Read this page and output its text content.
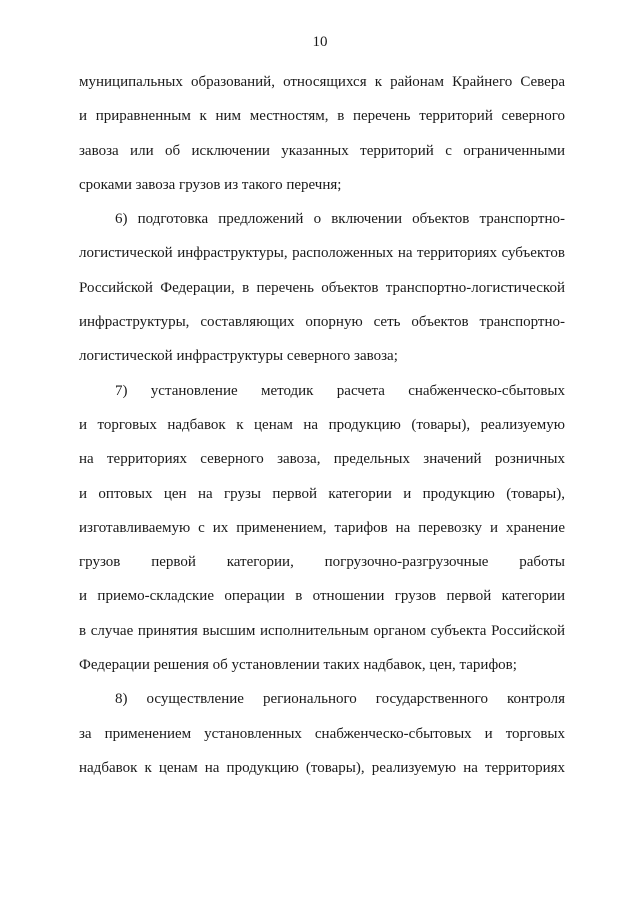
10
муниципальных образований, относящихся к районам Крайнего Севера
и приравненным к ним местностям, в перечень территорий северного
завоза или об исключении указанных территорий с ограниченными
сроками завоза грузов из такого перечня;
6) подготовка предложений о включении объектов транспортно-
логистической инфраструктуры, расположенных на территориях субъектов
Российской Федерации, в перечень объектов транспортно-логистической
инфраструктуры, составляющих опорную сеть объектов транспортно-
логистической инфраструктуры северного завоза;
7) установление методик расчета снабженческо-сбытовых
и торговых надбавок к ценам на продукцию (товары), реализуемую
на территориях северного завоза, предельных значений розничных
и оптовых цен на грузы первой категории и продукцию (товары),
изготавливаемую с их применением, тарифов на перевозку и хранение
грузов первой категории, погрузочно-разгрузочные работы
и приемо-складские операции в отношении грузов первой категории
в случае принятия высшим исполнительным органом субъекта Российской
Федерации решения об установлении таких надбавок, цен, тарифов;
8) осуществление регионального государственного контроля
за применением установленных снабженческо-сбытовых и торговых
надбавок к ценам на продукцию (товары), реализуемую на территориях
